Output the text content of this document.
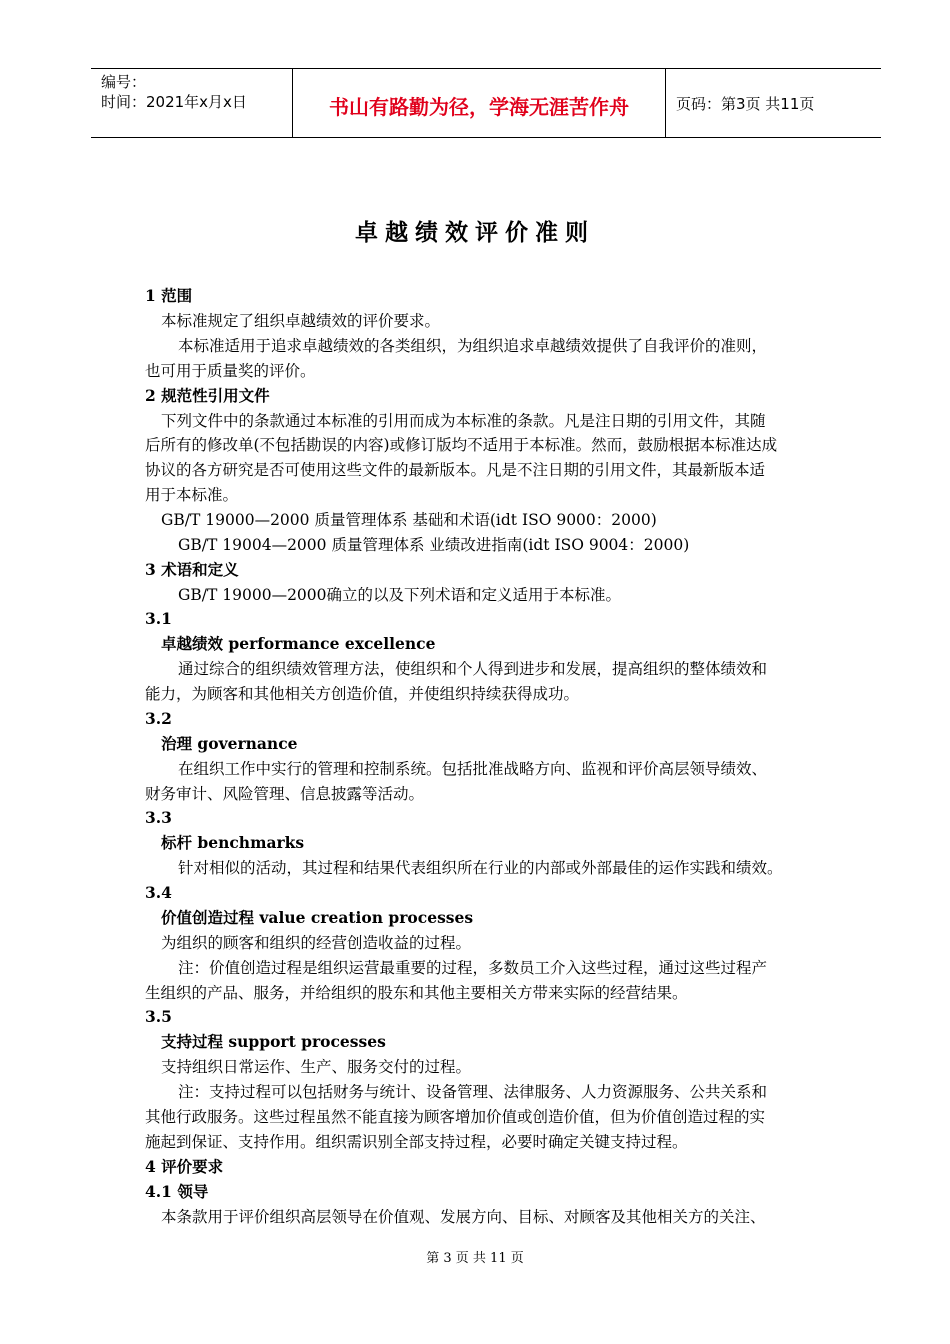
编号：
时间：2021年x月x日	书山有路勤为径，学海无涯苦作舟	页码：第3页 共11页
卓越绩效评价准则
1 范围
本标准规定了组织卓越绩效的评价要求。
本标准适用于追求卓越绩效的各类组织，为组织追求卓越绩效提供了自我评价的准则，
也可用于质量奖的评价。
2 规范性引用文件
下列文件中的条款通过本标准的引用而成为本标准的条款。凡是注日期的引用文件，其随
后所有的修改单(不包括勘误的内容)或修订版均不适用于本标准。然而，鼓励根据本标准达成
协议的各方研究是否可使用这些文件的最新版本。凡是不注日期的引用文件，其最新版本适
用于本标准。
GB/T 19000—2000 质量管理体系 基础和术语(idt ISO 9000：2000)
GB/T 19004—2000 质量管理体系 业绩改进指南(idt ISO 9004：2000)
3 术语和定义
GB/T 19000—2000确立的以及下列术语和定义适用于本标准。
3.1
卓越绩效 performance excellence
通过综合的组织绩效管理方法，使组织和个人得到进步和发展，提高组织的整体绩效和
能力，为顾客和其他相关方创造价值，并使组织持续获得成功。
3.2
治理 governance
在组织工作中实行的管理和控制系统。包括批准战略方向、监视和评价高层领导绩效、
财务审计、风险管理、信息披露等活动。
3.3
标杆 benchmarks
针对相似的活动，其过程和结果代表组织所在行业的内部或外部最佳的运作实践和绩效。
3.4
价值创造过程 value creation processes
为组织的顾客和组织的经营创造收益的过程。
注：价值创造过程是组织运营最重要的过程，多数员工介入这些过程，通过这些过程产
生组织的产品、服务，并给组织的股东和其他主要相关方带来实际的经营结果。
3.5
支持过程 support processes
支持组织日常运作、生产、服务交付的过程。
注：支持过程可以包括财务与统计、设备管理、法律服务、人力资源服务、公共关系和
其他行政服务。这些过程虽然不能直接为顾客增加价值或创造价值，但为价值创造过程的实
施起到保证、支持作用。组织需识别全部支持过程，必要时确定关键支持过程。
4 评价要求
4.1 领导
本条款用于评价组织高层领导在价值观、发展方向、目标、对顾客及其他相关方的关注、
第 3 页 共 11 页
